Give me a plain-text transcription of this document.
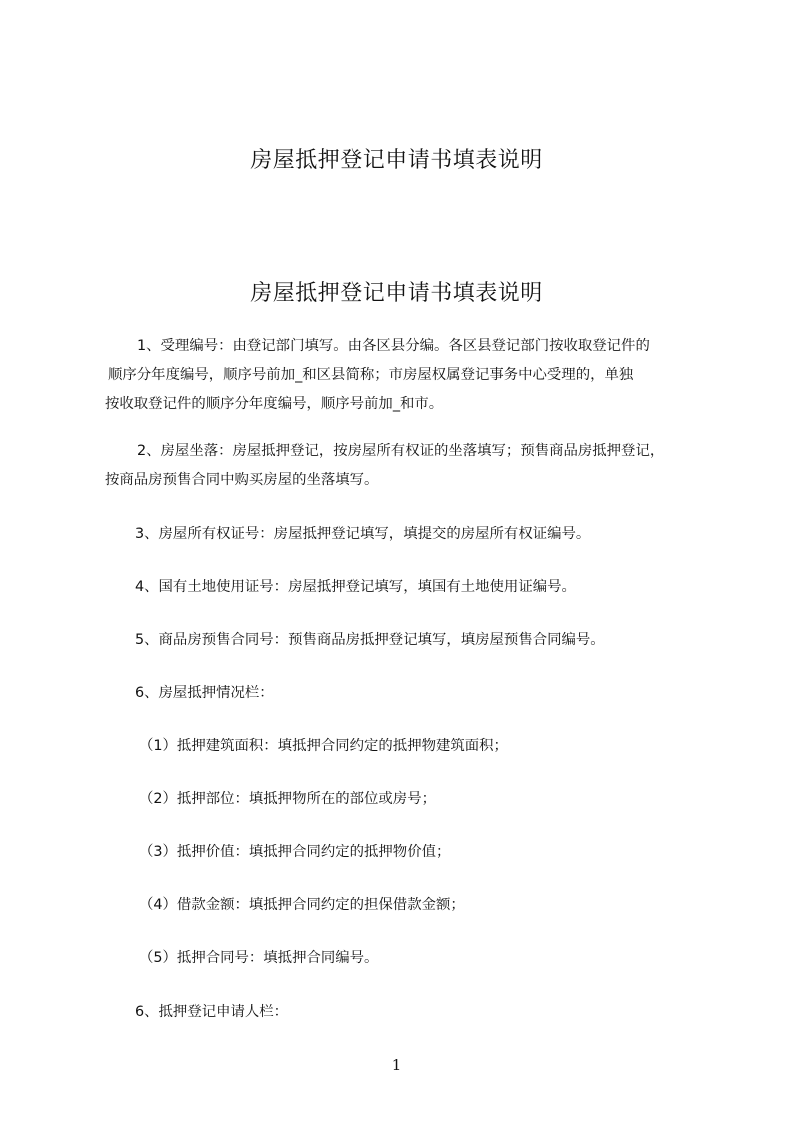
房屋抵押登记申请书填表说明
房屋抵押登记申请书填表说明
1、受理编号：由登记部门填写。由各区县分编。各区县登记部门按收取登记件的
顺序分年度编号，顺序号前加_和区县简称；市房屋权属登记事务中心受理的，单独
按收取登记件的顺序分年度编号，顺序号前加_和市。
2、房屋坐落：房屋抵押登记，按房屋所有权证的坐落填写；预售商品房抵押登记，
按商品房预售合同中购买房屋的坐落填写。
3、房屋所有权证号：房屋抵押登记填写，填提交的房屋所有权证编号。
4、国有土地使用证号：房屋抵押登记填写，填国有土地使用证编号。
5、商品房预售合同号：预售商品房抵押登记填写，填房屋预售合同编号。
6、房屋抵押情况栏：
（1）抵押建筑面积：填抵押合同约定的抵押物建筑面积；
（2）抵押部位：填抵押物所在的部位或房号；
（3）抵押价值：填抵押合同约定的抵押物价值；
（4）借款金额：填抵押合同约定的担保借款金额；
（5）抵押合同号：填抵押合同编号。
6、抵押登记申请人栏：
1
